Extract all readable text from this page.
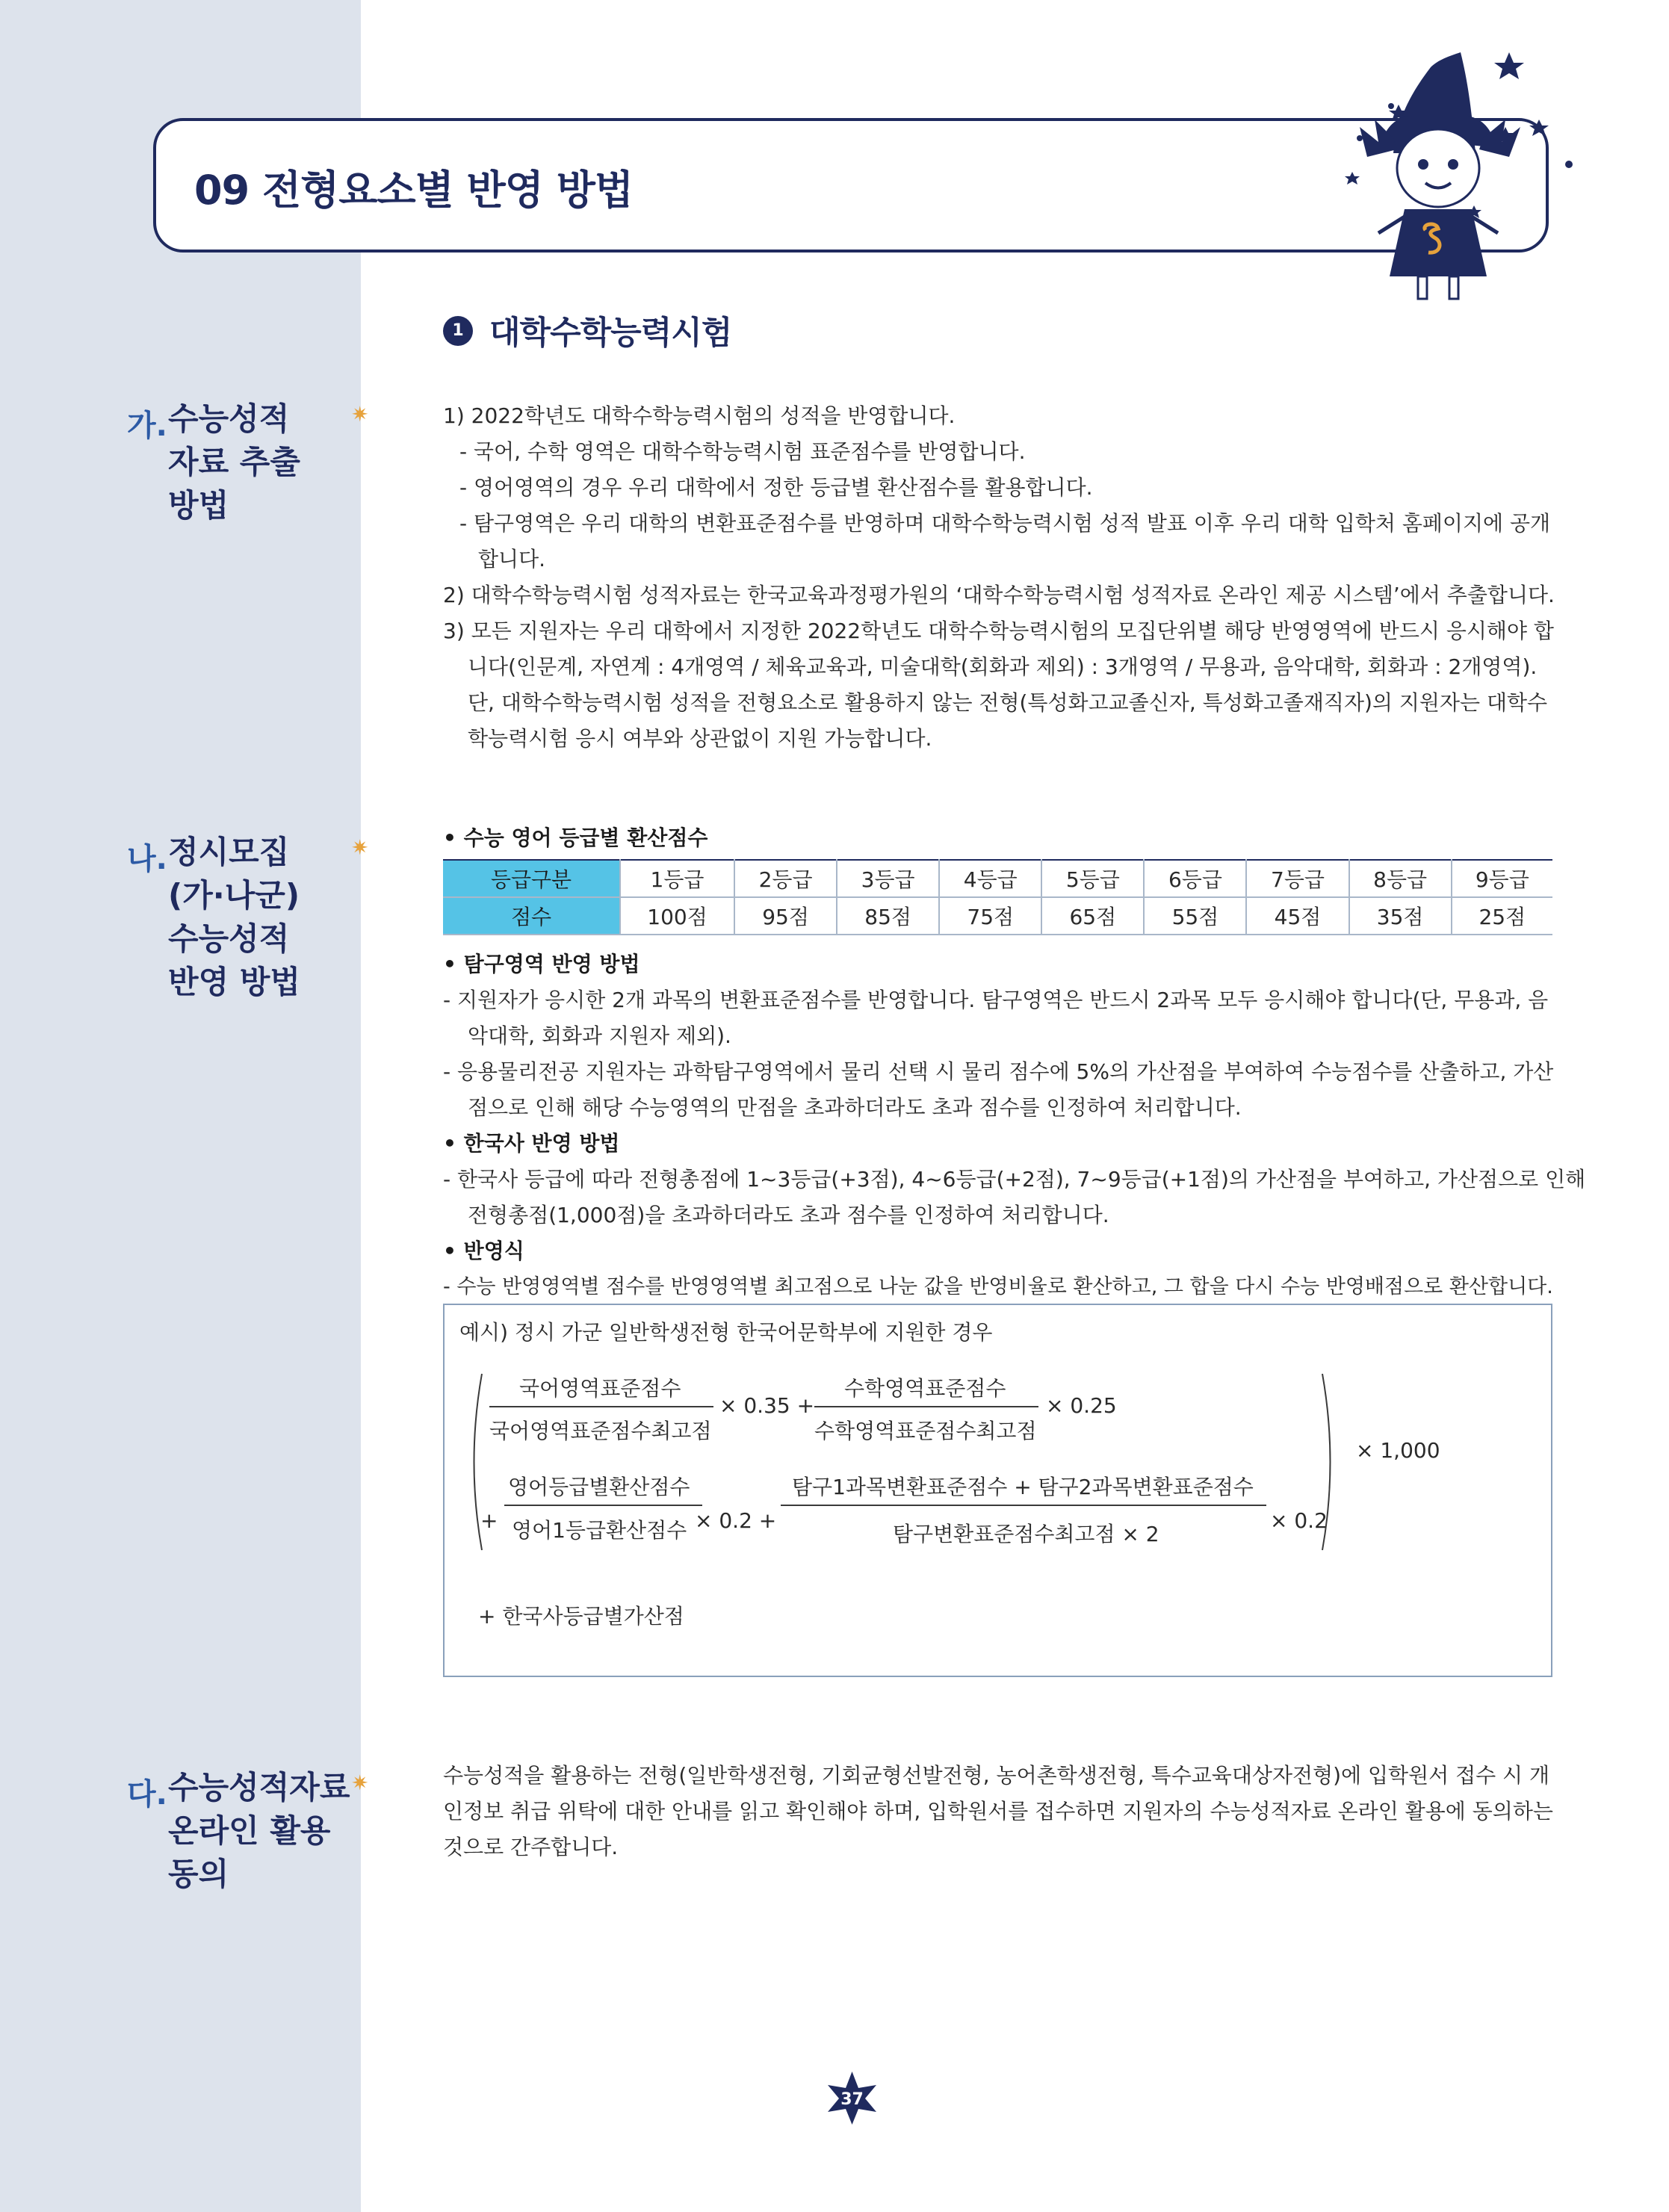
09 전형요소별 반영 방법
1 대학수학능력시험
가. 수능성적
자료 추출
방법
✷	1) 2022학년도 대학수학능력시험의 성적을 반영합니다.
- 국어, 수학 영역은 대학수학능력시험 표준점수를 반영합니다.
- 영어영역의 경우 우리 대학에서 정한 등급별 환산점수를 활용합니다.
- 탐구영역은 우리 대학의 변환표준점수를 반영하며 대학수학능력시험 성적 발표 이후 우리 대학 입학처 홈페이지에 공개
합니다.
2) 대학수학능력시험 성적자료는 한국교육과정평가원의 ‘대학수학능력시험 성적자료 온라인 제공 시스템’에서 추출합니다.
3) 모든 지원자는 우리 대학에서 지정한 2022학년도 대학수학능력시험의 모집단위별 해당 반영영역에 반드시 응시해야 합
니다(인문계, 자연계 : 4개영역 / 체육교육과, 미술대학(회화과 제외) : 3개영역 / 무용과, 음악대학, 회화과 : 2개영역).
단, 대학수학능력시험 성적을 전형요소로 활용하지 않는 전형(특성화고교졸신자, 특성화고졸재직자)의 지원자는 대학수
학능력시험 응시 여부와 상관없이 지원 가능합니다.
나. 정시모집
(가·나군)
수능성적
반영 방법
✷	• 수능 영어 등급별 환산점수
등급구분	1등급	2등급	3등급	4등급	5등급	6등급	7등급	8등급	9등급
점수	100점	95점	85점	75점	65점	55점	45점	35점	25점
• 탐구영역 반영 방법
- 지원자가 응시한 2개 과목의 변환표준점수를 반영합니다. 탐구영역은 반드시 2과목 모두 응시해야 합니다(단, 무용과, 음
악대학, 회화과 지원자 제외).
- 응용물리전공 지원자는 과학탐구영역에서 물리 선택 시 물리 점수에 5%의 가산점을 부여하여 수능점수를 산출하고, 가산
점으로 인해 해당 수능영역의 만점을 초과하더라도 초과 점수를 인정하여 처리합니다.
• 한국사 반영 방법
- 한국사 등급에 따라 전형총점에 1~3등급(+3점), 4~6등급(+2점), 7~9등급(+1점)의 가산점을 부여하고, 가산점으로 인해
전형총점(1,000점)을 초과하더라도 초과 점수를 인정하여 처리합니다.
• 반영식
- 수능 반영영역별 점수를 반영영역별 최고점으로 나눈 값을 반영비율로 환산하고, 그 합을 다시 수능 반영배점으로 환산합니다.
예시) 정시 가군 일반학생전형 한국어문학부에 지원한 경우
국어영역표준점수
국어영역표준점수최고점
× 0.35 +
수학영역표준점수
수학영역표준점수최고점
× 0.25
× 1,000
+
영어등급별환산점수
영어1등급환산점수 × 0.2 +
탐구1과목변환표준점수 + 탐구2과목변환표준점수
탐구변환표준점수최고점 × 2
× 0.2
+ 한국사등급별가산점
다. 수능성적자료
온라인 활용
동의
✷	수능성적을 활용하는 전형(일반학생전형, 기회균형선발전형, 농어촌학생전형, 특수교육대상자전형)에 입학원서 접수 시 개
인정보 취급 위탁에 대한 안내를 읽고 확인해야 하며, 입학원서를 접수하면 지원자의 수능성적자료 온라인 활용에 동의하는
것으로 간주합니다.
37
